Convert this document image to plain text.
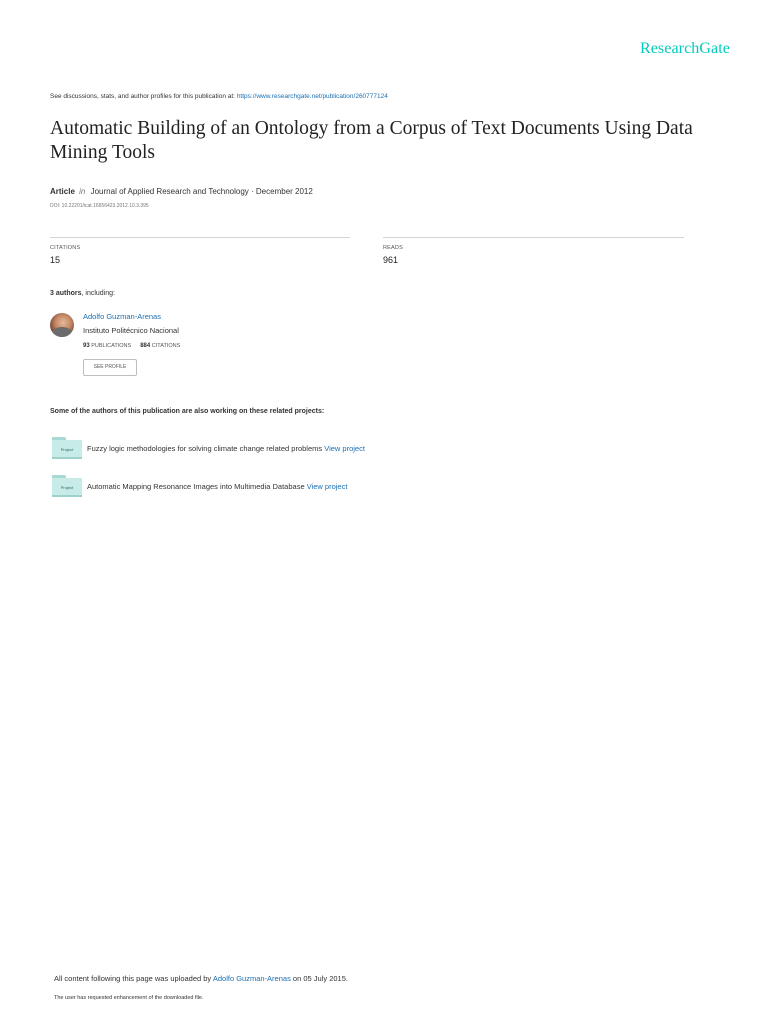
ResearchGate
See discussions, stats, and author profiles for this publication at: https://www.researchgate.net/publication/260777124
Automatic Building of an Ontology from a Corpus of Text Documents Using Data Mining Tools
Article in Journal of Applied Research and Technology · December 2012
DOI: 10.22201/icat.16656423.2012.10.3.395
CITATIONS
15
READS
961
3 authors, including:
Adolfo Guzman-Arenas
Instituto Politécnico Nacional
93 PUBLICATIONS 884 CITATIONS
SEE PROFILE
Some of the authors of this publication are also working on these related projects:
Project	Fuzzy logic methodologies for solving climate change related problems View project
Project	Automatic Mapping Resonance Images into Multimedia Database View project
All content following this page was uploaded by Adolfo Guzman-Arenas on 05 July 2015.
The user has requested enhancement of the downloaded file.
